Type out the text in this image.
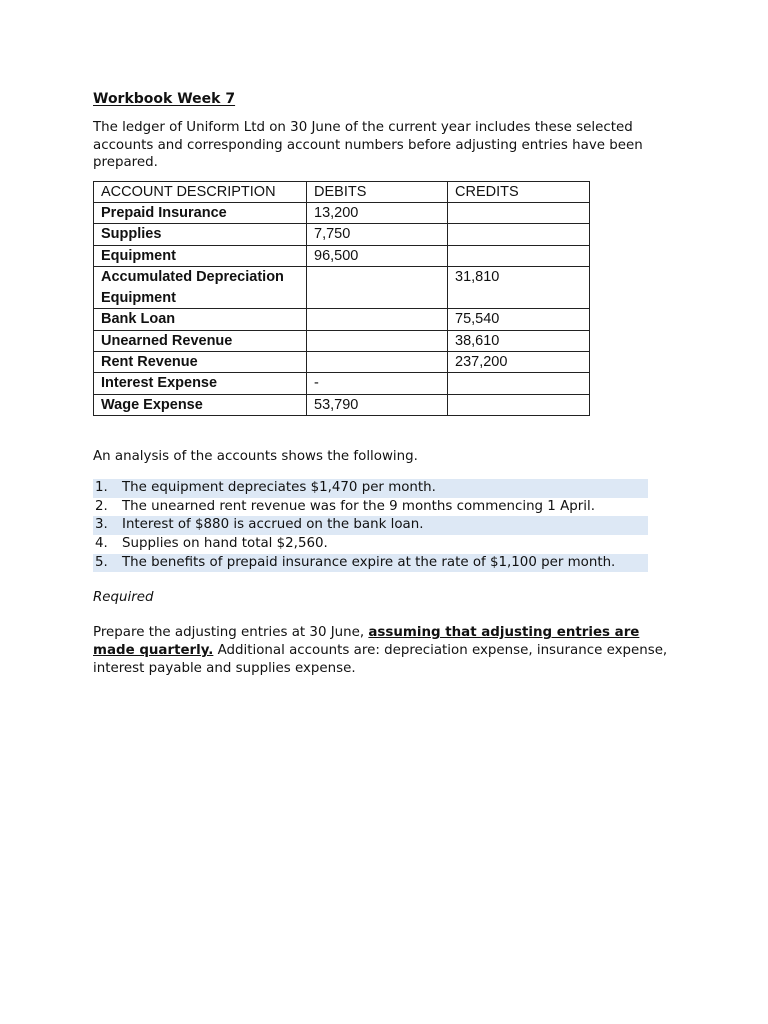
Workbook Week 7

The ledger of Uniform Ltd on 30 June of the current year includes these selected accounts and corresponding account numbers before adjusting entries have been prepared.

ACCOUNT DESCRIPTION	DEBITS	CREDITS
Prepaid Insurance	13,200	
Supplies	7,750	
Equipment	96,500	
Accumulated Depreciation Equipment		31,810
Bank Loan		75,540
Unearned Revenue		38,610
Rent Revenue		237,200
Interest Expense	-	
Wage Expense	53,790	

An analysis of the accounts shows the following.

1.	The equipment depreciates $1,470 per month.
2.	The unearned rent revenue was for the 9 months commencing 1 April.
3.	Interest of $880 is accrued on the bank loan.
4.	Supplies on hand total $2,560.
5.	The benefits of prepaid insurance expire at the rate of $1,100 per month.

Required

Prepare the adjusting entries at 30 June, assuming that adjusting entries are made quarterly. Additional accounts are: depreciation expense, insurance expense, interest payable and supplies expense.
